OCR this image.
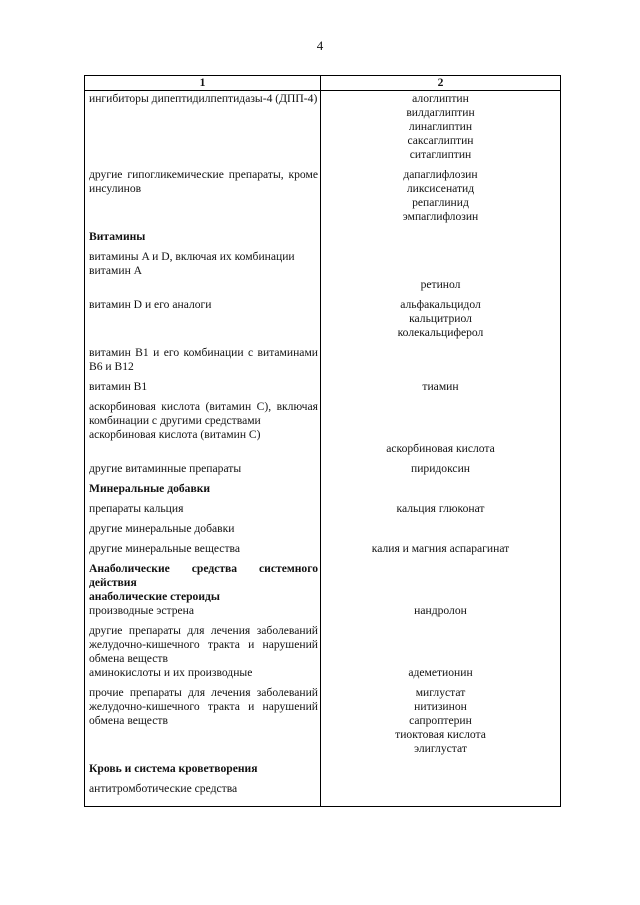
4
1	2

ингибиторы дипептидилпептидазы-4 (ДПП-4)	алоглиптин
вилдаглиптин
линаглиптин
саксаглиптин
ситаглиптин

другие гипогликемические препараты, кроме инсулинов	дапаглифлозин
ликсисенатид
репаглинид
эмпаглифлозин

Витамины	

витамины A и D, включая их комбинации
витамин A	ретинол

витамин D и его аналоги	альфакальцидол
кальцитриол
колекальциферол

витамин B1 и его комбинации с витаминами B6 и B12	

витамин B1	тиамин

аскорбиновая кислота (витамин C), включая комбинации с другими средствами
аскорбиновая кислота (витамин C)	аскорбиновая кислота

другие витаминные препараты	пиридоксин

Минеральные добавки	

препараты кальция	кальция глюконат

другие минеральные добавки	

другие минеральные вещества	калия и магния аспарагинат

Анаболические средства системного действия
анаболические стероиды
производные эстрена	нандролон

другие препараты для лечения заболеваний желудочно-кишечного тракта и нарушений обмена веществ
аминокислоты и их производные	адеметионин

прочие препараты для лечения заболеваний желудочно-кишечного тракта и нарушений обмена веществ	миглустат
нитизинон
сапроптерин
тиоктовая кислота
элиглустат

Кровь и система кроветворения	

антитромботические средства	
